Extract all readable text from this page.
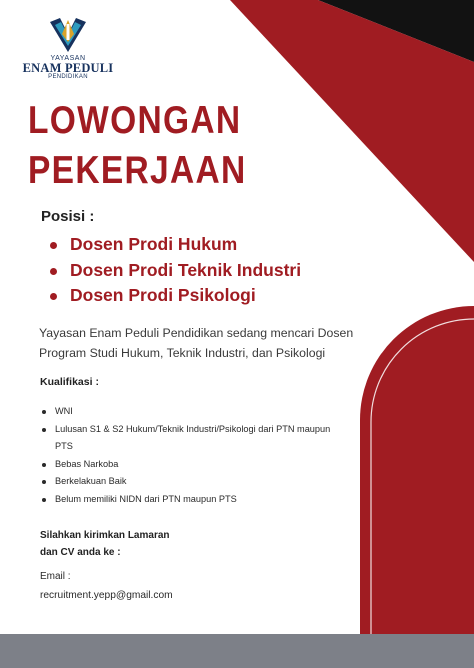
YAYASAN
ENAM PEDULI
PENDIDIKAN
LOWONGAN
PEKERJAAN
Posisi :
Dosen Prodi Hukum
Dosen Prodi Teknik Industri
Dosen Prodi Psikologi
Yayasan Enam Peduli Pendidikan sedang mencari Dosen Program Studi Hukum, Teknik Industri, dan Psikologi
Kualifikasi :
WNI
Lulusan S1 & S2 Hukum/Teknik Industri/Psikologi dari PTN maupun PTS
Bebas Narkoba
Berkelakuan Baik
Belum memiliki NIDN dari PTN maupun PTS
Silahkan kirimkan Lamaran
dan CV anda ke :
Email :
recruitment.yepp@gmail.com
